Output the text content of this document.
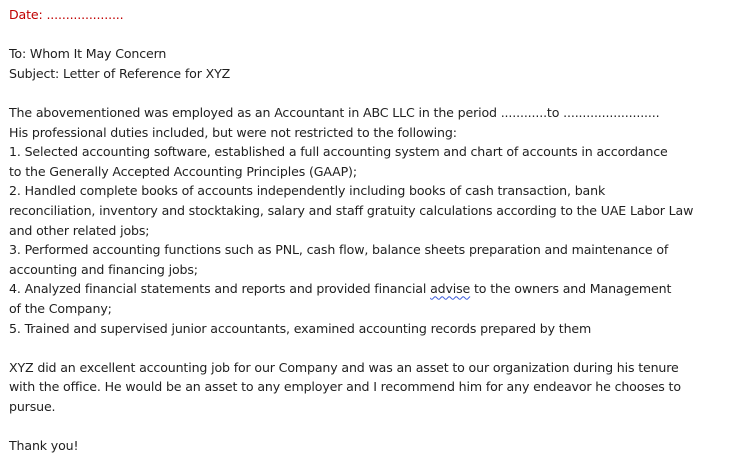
Date: ....................
To: Whom It May Concern
Subject: Letter of Reference for XYZ
The abovementioned was employed as an Accountant in ABC LLC in the period ............to .........................
His professional duties included, but were not restricted to the following:
1. Selected accounting software, established a full accounting system and chart of accounts in accordance
to the Generally Accepted Accounting Principles (GAAP);
2. Handled complete books of accounts independently including books of cash transaction, bank
reconciliation, inventory and stocktaking, salary and staff gratuity calculations according to the UAE Labor Law
and other related jobs;
3. Performed accounting functions such as PNL, cash flow, balance sheets preparation and maintenance of
accounting and financing jobs;
4. Analyzed financial statements and reports and provided financial advise to the owners and Management
of the Company;
5. Trained and supervised junior accountants, examined accounting records prepared by them
XYZ did an excellent accounting job for our Company and was an asset to our organization during his tenure
with the office. He would be an asset to any employer and I recommend him for any endeavor he chooses to
pursue.
Thank you!
